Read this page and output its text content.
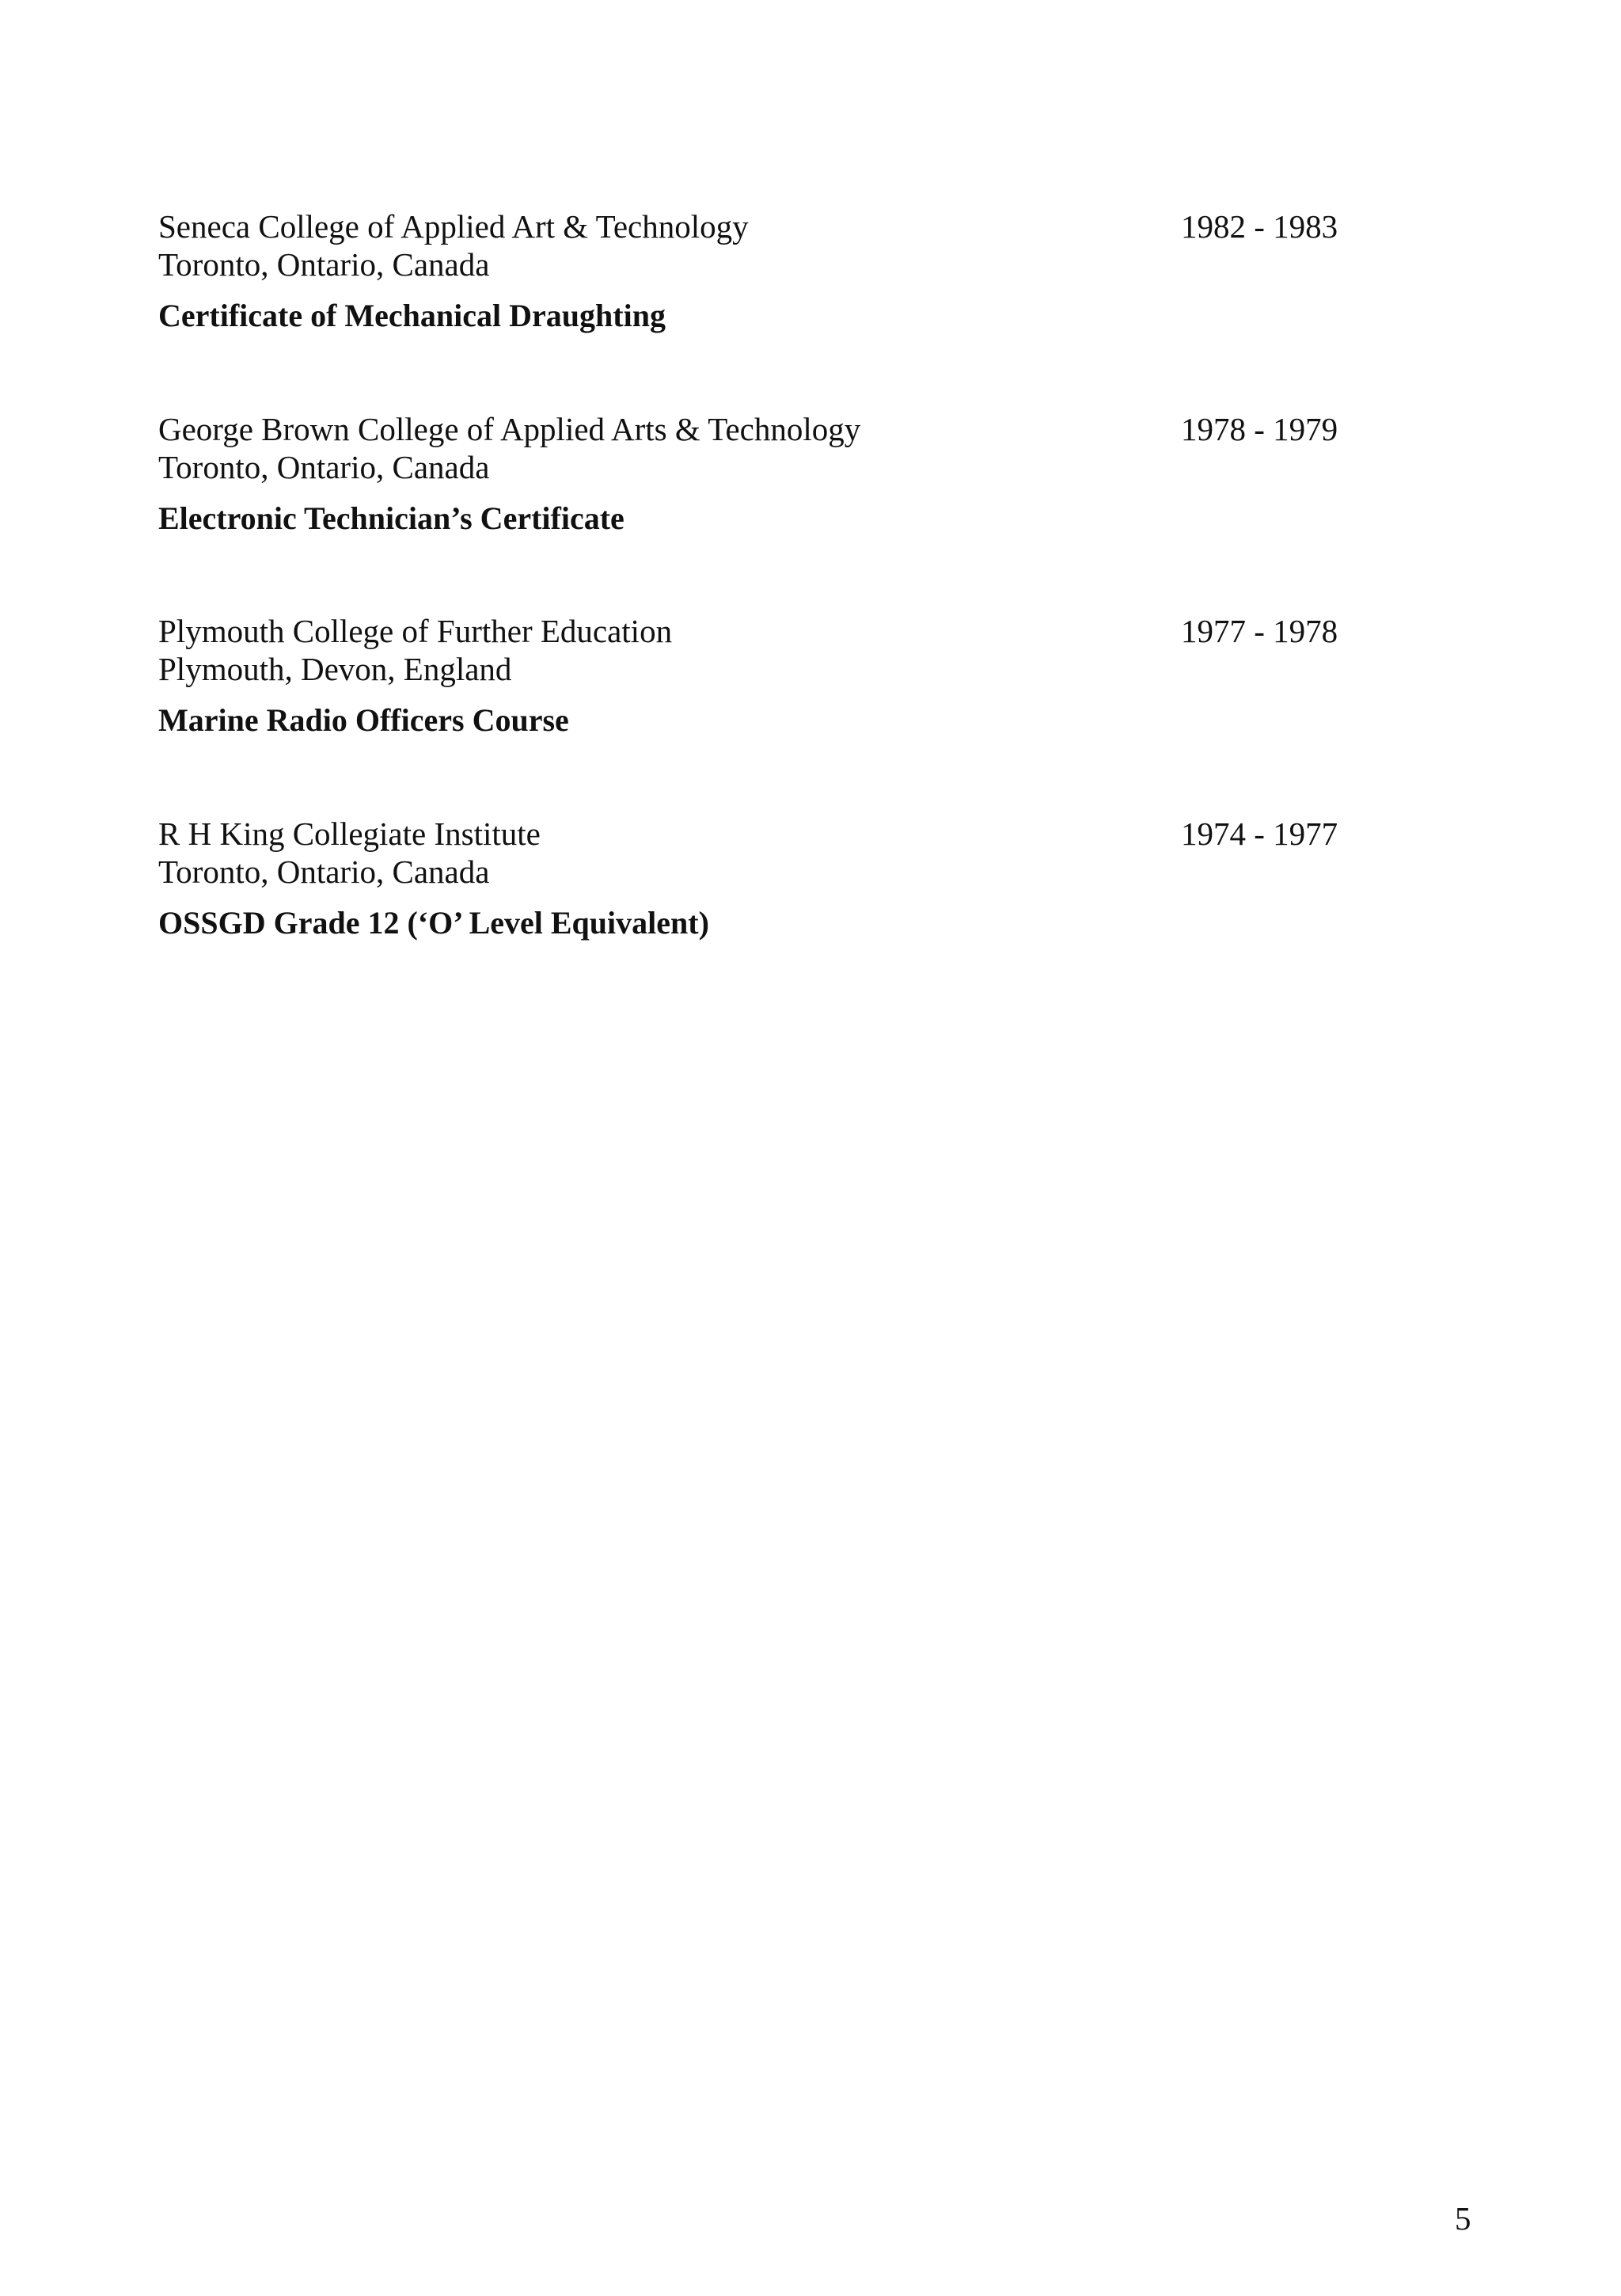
Seneca College of Applied Art & Technology	1982 - 1983
Toronto, Ontario, Canada
Certificate of Mechanical Draughting
George Brown College of Applied Arts & Technology	1978 - 1979
Toronto, Ontario, Canada
Electronic Technician’s Certificate
Plymouth College of Further Education	1977 - 1978
Plymouth, Devon, England
Marine Radio Officers Course
R H King Collegiate Institute	1974 - 1977
Toronto, Ontario, Canada
OSSGD Grade 12 (‘O’ Level Equivalent)
5
